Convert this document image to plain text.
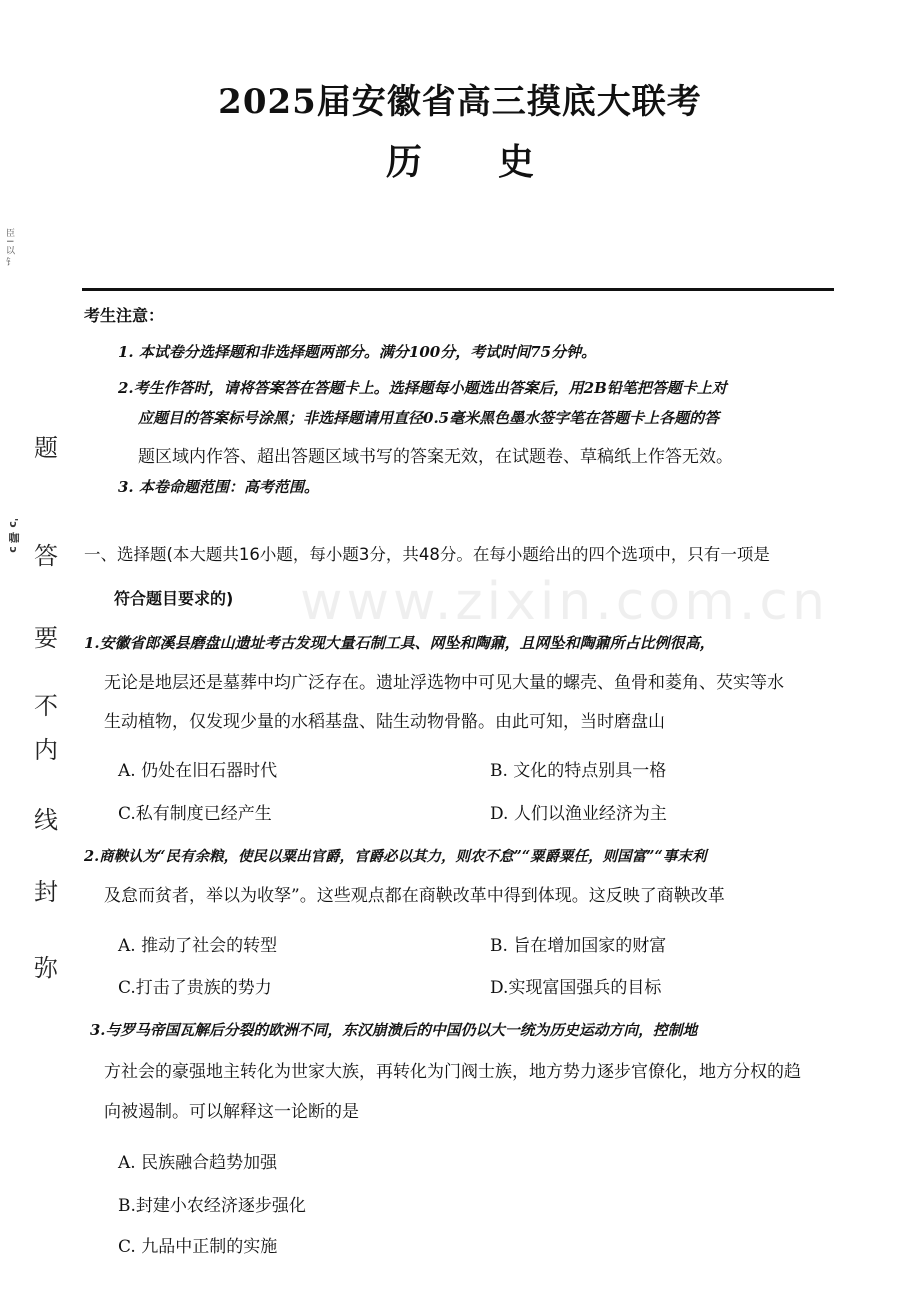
臣 I 以 钅
'ɔ 咖 ɔ
题
答
要
不
内
线
封
弥
2025届安徽省高三摸底大联考
历 史
考生注意：
1. 本试卷分选择题和非选择题两部分。满分100分，考试时间75分钟。
2.考生作答时，请将答案答在答题卡上。选择题每小题选出答案后，用2B铅笔把答题卡上对
应题目的答案标号涂黑；非选择题请用直径0.5毫米黑色墨水签字笔在答题卡上各题的答
题区域内作答、超出答题区域书写的答案无效，在试题卷、草稿纸上作答无效。
3. 本卷命题范围：高考范围。
一、选择题(本大题共16小题，每小题3分，共48分。在每小题给出的四个选项中，只有一项是
符合题目要求的) www.zixin.com.cn
1.安徽省郎溪县磨盘山遗址考古发现大量石制工具、网坠和陶鼐，且网坠和陶鼐所占比例很高，
无论是地层还是墓葬中均广泛存在。遗址浮选物中可见大量的螺壳、鱼骨和菱角、芡实等水
生动植物，仅发现少量的水稻基盘、陆生动物骨骼。由此可知，当时磨盘山
A. 仍处在旧石器时代	B. 文化的特点别具一格
C.私有制度已经产生	D. 人们以渔业经济为主
2.商鞅认为“民有余粮，使民以粟出官爵，官爵必以其力，则农不怠”“粟爵粟任，则国富”“事末利
及怠而贫者，举以为收孥”。这些观点都在商鞅改革中得到体现。这反映了商鞅改革
A. 推动了社会的转型	B. 旨在增加国家的财富
C.打击了贵族的势力	D.实现富国强兵的目标
3.与罗马帝国瓦解后分裂的欧洲不同，东汉崩溃后的中国仍以大一统为历史运动方向，控制地
方社会的豪强地主转化为世家大族，再转化为门阀士族，地方势力逐步官僚化，地方分权的趋
向被遏制。可以解释这一论断的是
A. 民族融合趋势加强
B.封建小农经济逐步强化
C. 九品中正制的实施
